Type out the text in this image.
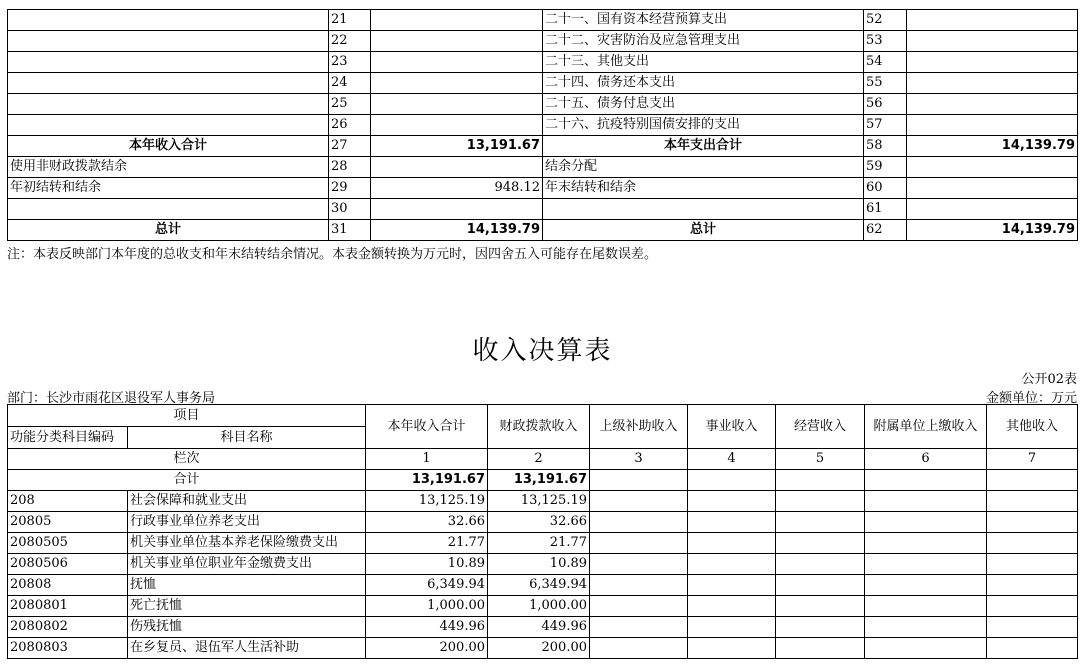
	21		二十一、国有资本经营预算支出	52	
	22		二十二、灾害防治及应急管理支出	53	
	23		二十三、其他支出	54	
	24		二十四、债务还本支出	55	
	25		二十五、债务付息支出	56	
	26		二十六、抗疫特别国债安排的支出	57	
本年收入合计	27	13,191.67	本年支出合计	58	14,139.79
使用非财政拨款结余	28		结余分配	59	
年初结转和结余	29	948.12	年末结转和结余	60	
	30			61	
总计	31	14,139.79	总计	62	14,139.79
注：本表反映部门本年度的总收支和年末结转结余情况。本表金额转换为万元时，因四舍五入可能存在尾数误差。
收入决算表
公开02表
部门：长沙市雨花区退役军人事务局	金额单位：万元
项目		本年收入合计	财政拨款收入	上级补助收入	事业收入	经营收入	附属单位上缴收入	其他收入
功能分类科目编码	科目名称							
栏次		1	2	3	4	5	6	7
合计		13,191.67	13,191.67					
208	社会保障和就业支出	13,125.19	13,125.19					
20805	行政事业单位养老支出	32.66	32.66					
2080505	机关事业单位基本养老保险缴费支出	21.77	21.77					
2080506	机关事业单位职业年金缴费支出	10.89	10.89					
20808	抚恤	6,349.94	6,349.94					
2080801	死亡抚恤	1,000.00	1,000.00					
2080802	伤残抚恤	449.96	449.96					
2080803	在乡复员、退伍军人生活补助	200.00	200.00					
